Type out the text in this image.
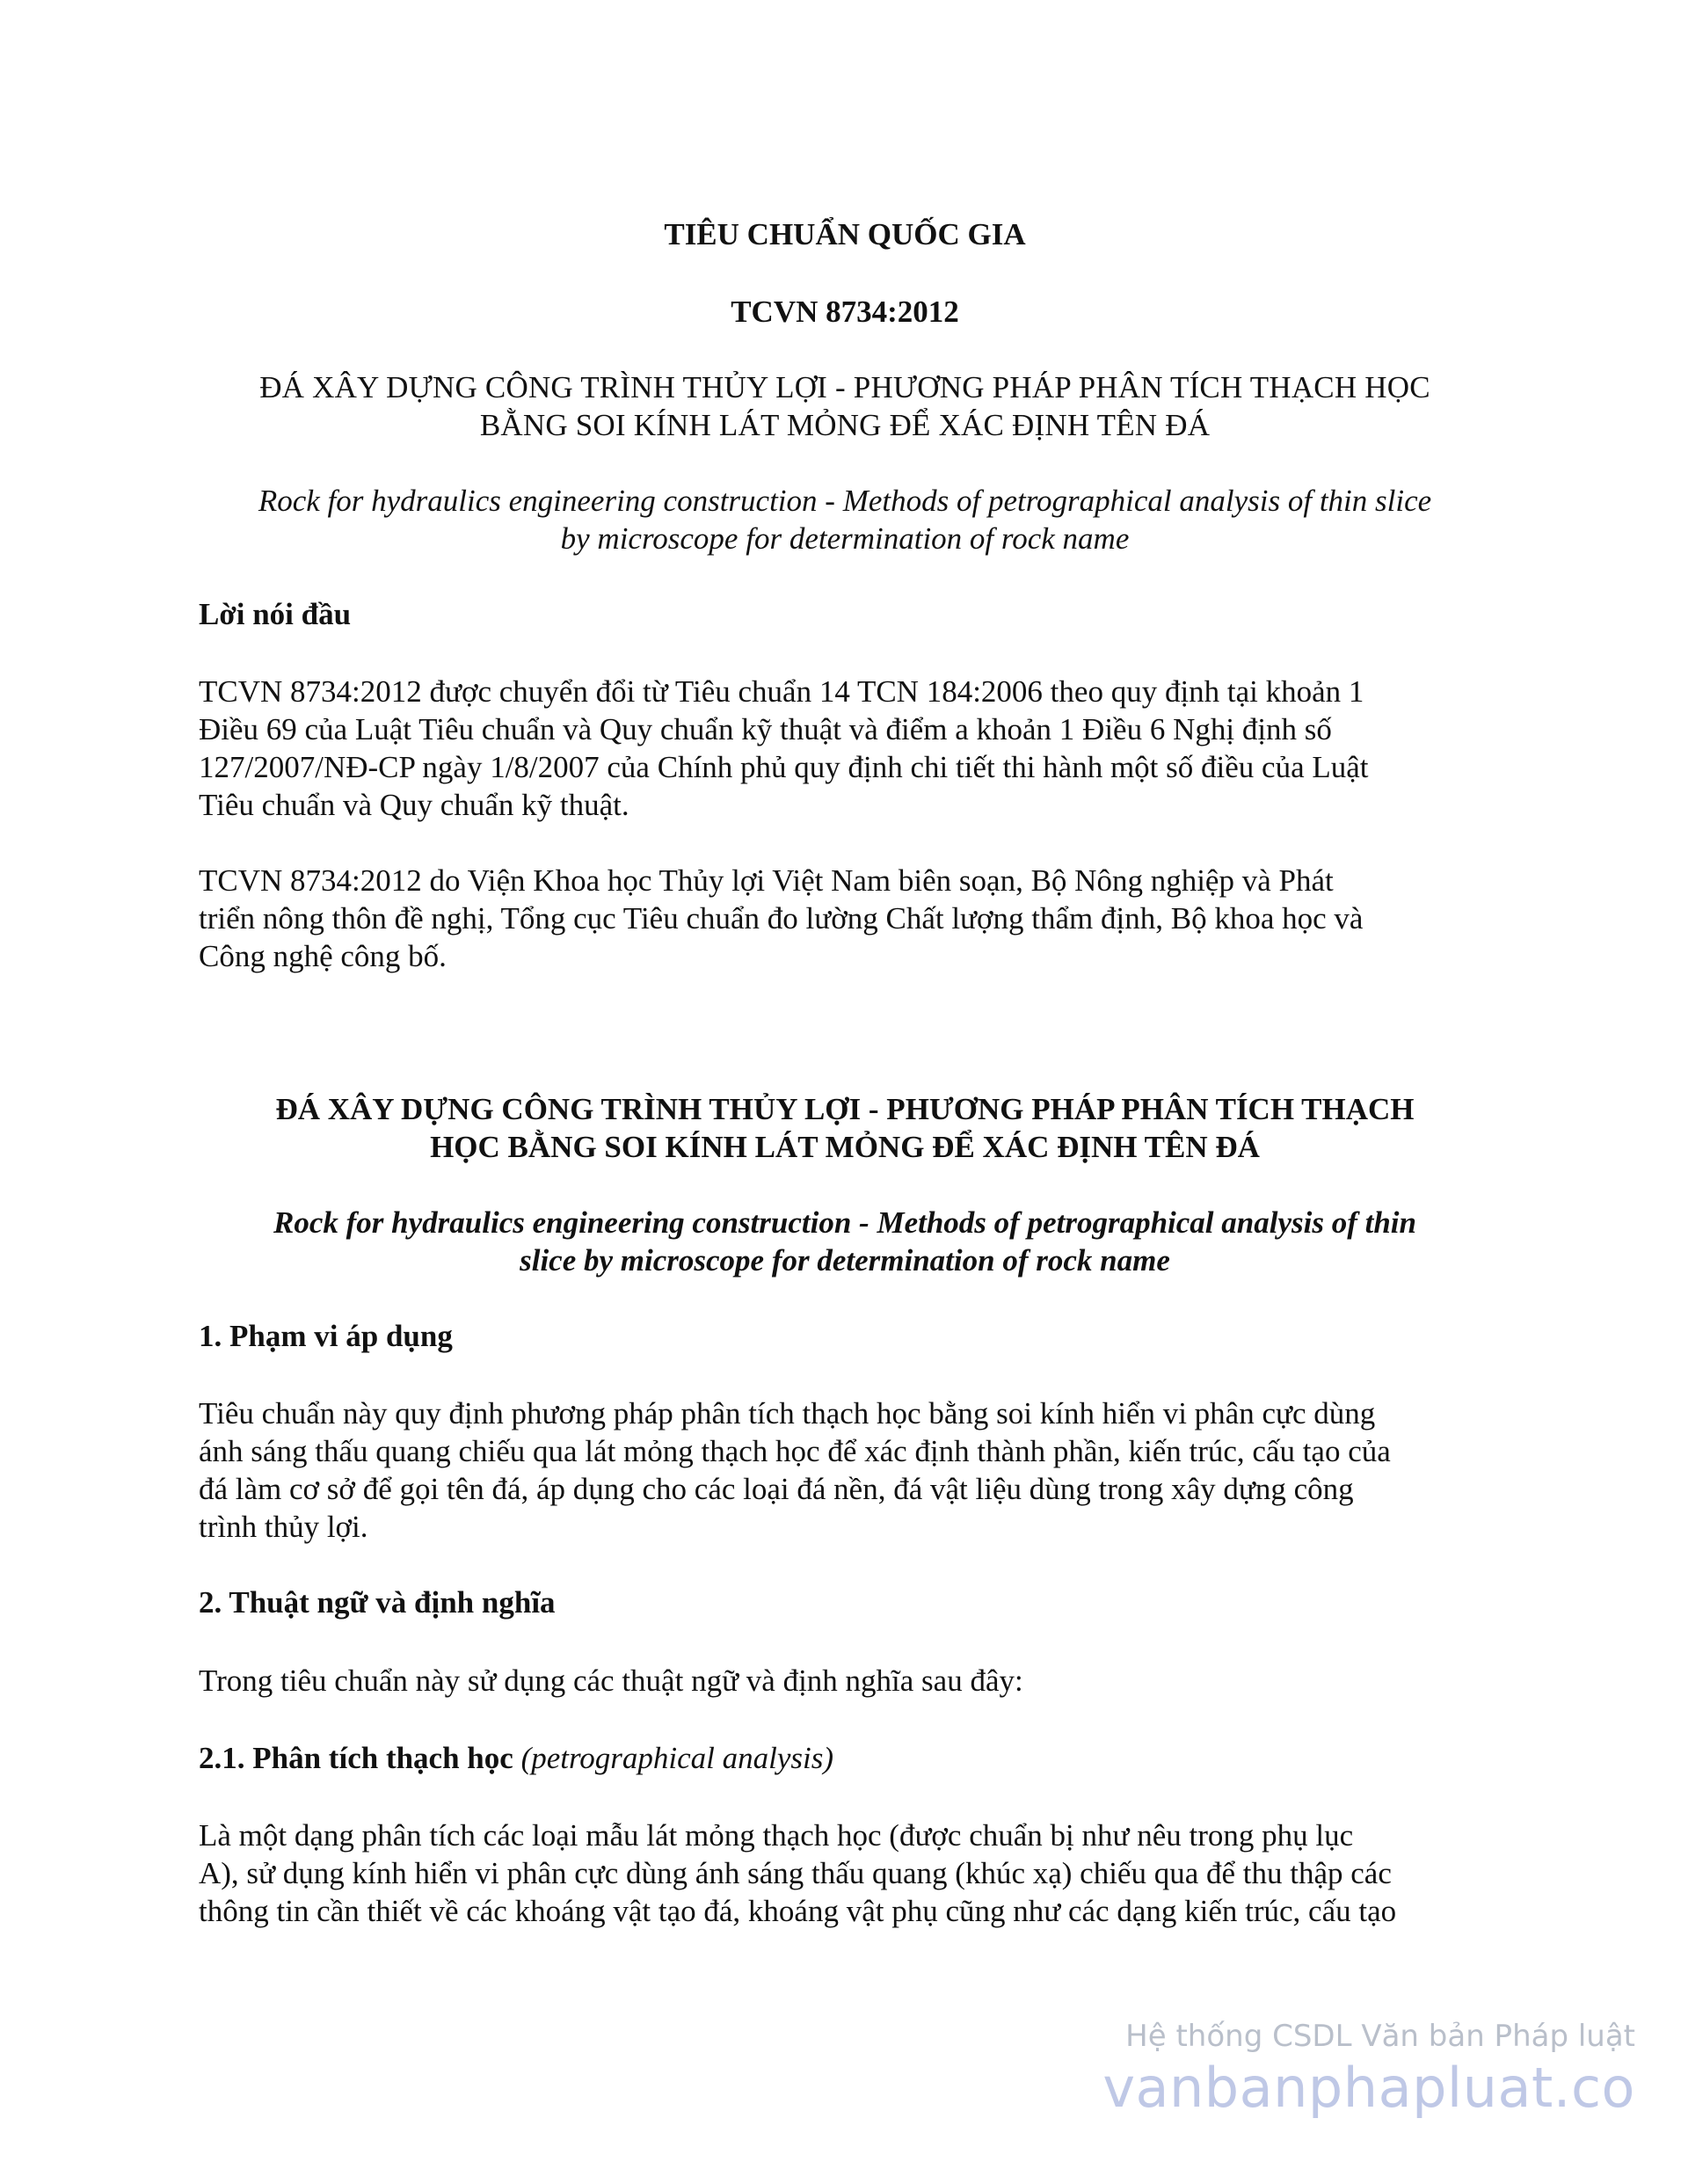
TIÊU CHUẨN QUỐC GIA

TCVN 8734:2012

ĐÁ XÂY DỰNG CÔNG TRÌNH THỦY LỢI - PHƯƠNG PHÁP PHÂN TÍCH THẠCH HỌC
BẰNG SOI KÍNH LÁT MỎNG ĐỂ XÁC ĐỊNH TÊN ĐÁ
Rock for hydraulics engineering construction - Methods of petrographical analysis of thin slice
by microscope for determination of rock name

Lời nói đầu

TCVN 8734:2012 được chuyển đổi từ Tiêu chuẩn 14 TCN 184:2006 theo quy định tại khoản 1
Điều 69 của Luật Tiêu chuẩn và Quy chuẩn kỹ thuật và điểm a khoản 1 Điều 6 Nghị định số
127/2007/NĐ-CP ngày 1/8/2007 của Chính phủ quy định chi tiết thi hành một số điều của Luật
Tiêu chuẩn và Quy chuẩn kỹ thuật.
TCVN 8734:2012 do Viện Khoa học Thủy lợi Việt Nam biên soạn, Bộ Nông nghiệp và Phát
triển nông thôn đề nghị, Tổng cục Tiêu chuẩn đo lường Chất lượng thẩm định, Bộ khoa học và
Công nghệ công bố.
ĐÁ XÂY DỰNG CÔNG TRÌNH THỦY LỢI - PHƯƠNG PHÁP PHÂN TÍCH THẠCH
HỌC BẰNG SOI KÍNH LÁT MỎNG ĐỂ XÁC ĐỊNH TÊN ĐÁ
Rock for hydraulics engineering construction - Methods of petrographical analysis of thin
slice by microscope for determination of rock name

1. Phạm vi áp dụng

Tiêu chuẩn này quy định phương pháp phân tích thạch học bằng soi kính hiển vi phân cực dùng
ánh sáng thấu quang chiếu qua lát mỏng thạch học để xác định thành phần, kiến trúc, cấu tạo của
đá làm cơ sở để gọi tên đá, áp dụng cho các loại đá nền, đá vật liệu dùng trong xây dựng công
trình thủy lợi.

2. Thuật ngữ và định nghĩa

Trong tiêu chuẩn này sử dụng các thuật ngữ và định nghĩa sau đây:

2.1. Phân tích thạch học (petrographical analysis)

Là một dạng phân tích các loại mẫu lát mỏng thạch học (được chuẩn bị như nêu trong phụ lục
A), sử dụng kính hiển vi phân cực dùng ánh sáng thấu quang (khúc xạ) chiếu qua để thu thập các
thông tin cần thiết về các khoáng vật tạo đá, khoáng vật phụ cũng như các dạng kiến trúc, cấu tạo
Hệ thống CSDL Văn bản Pháp luật
vanbanphapluat.co
